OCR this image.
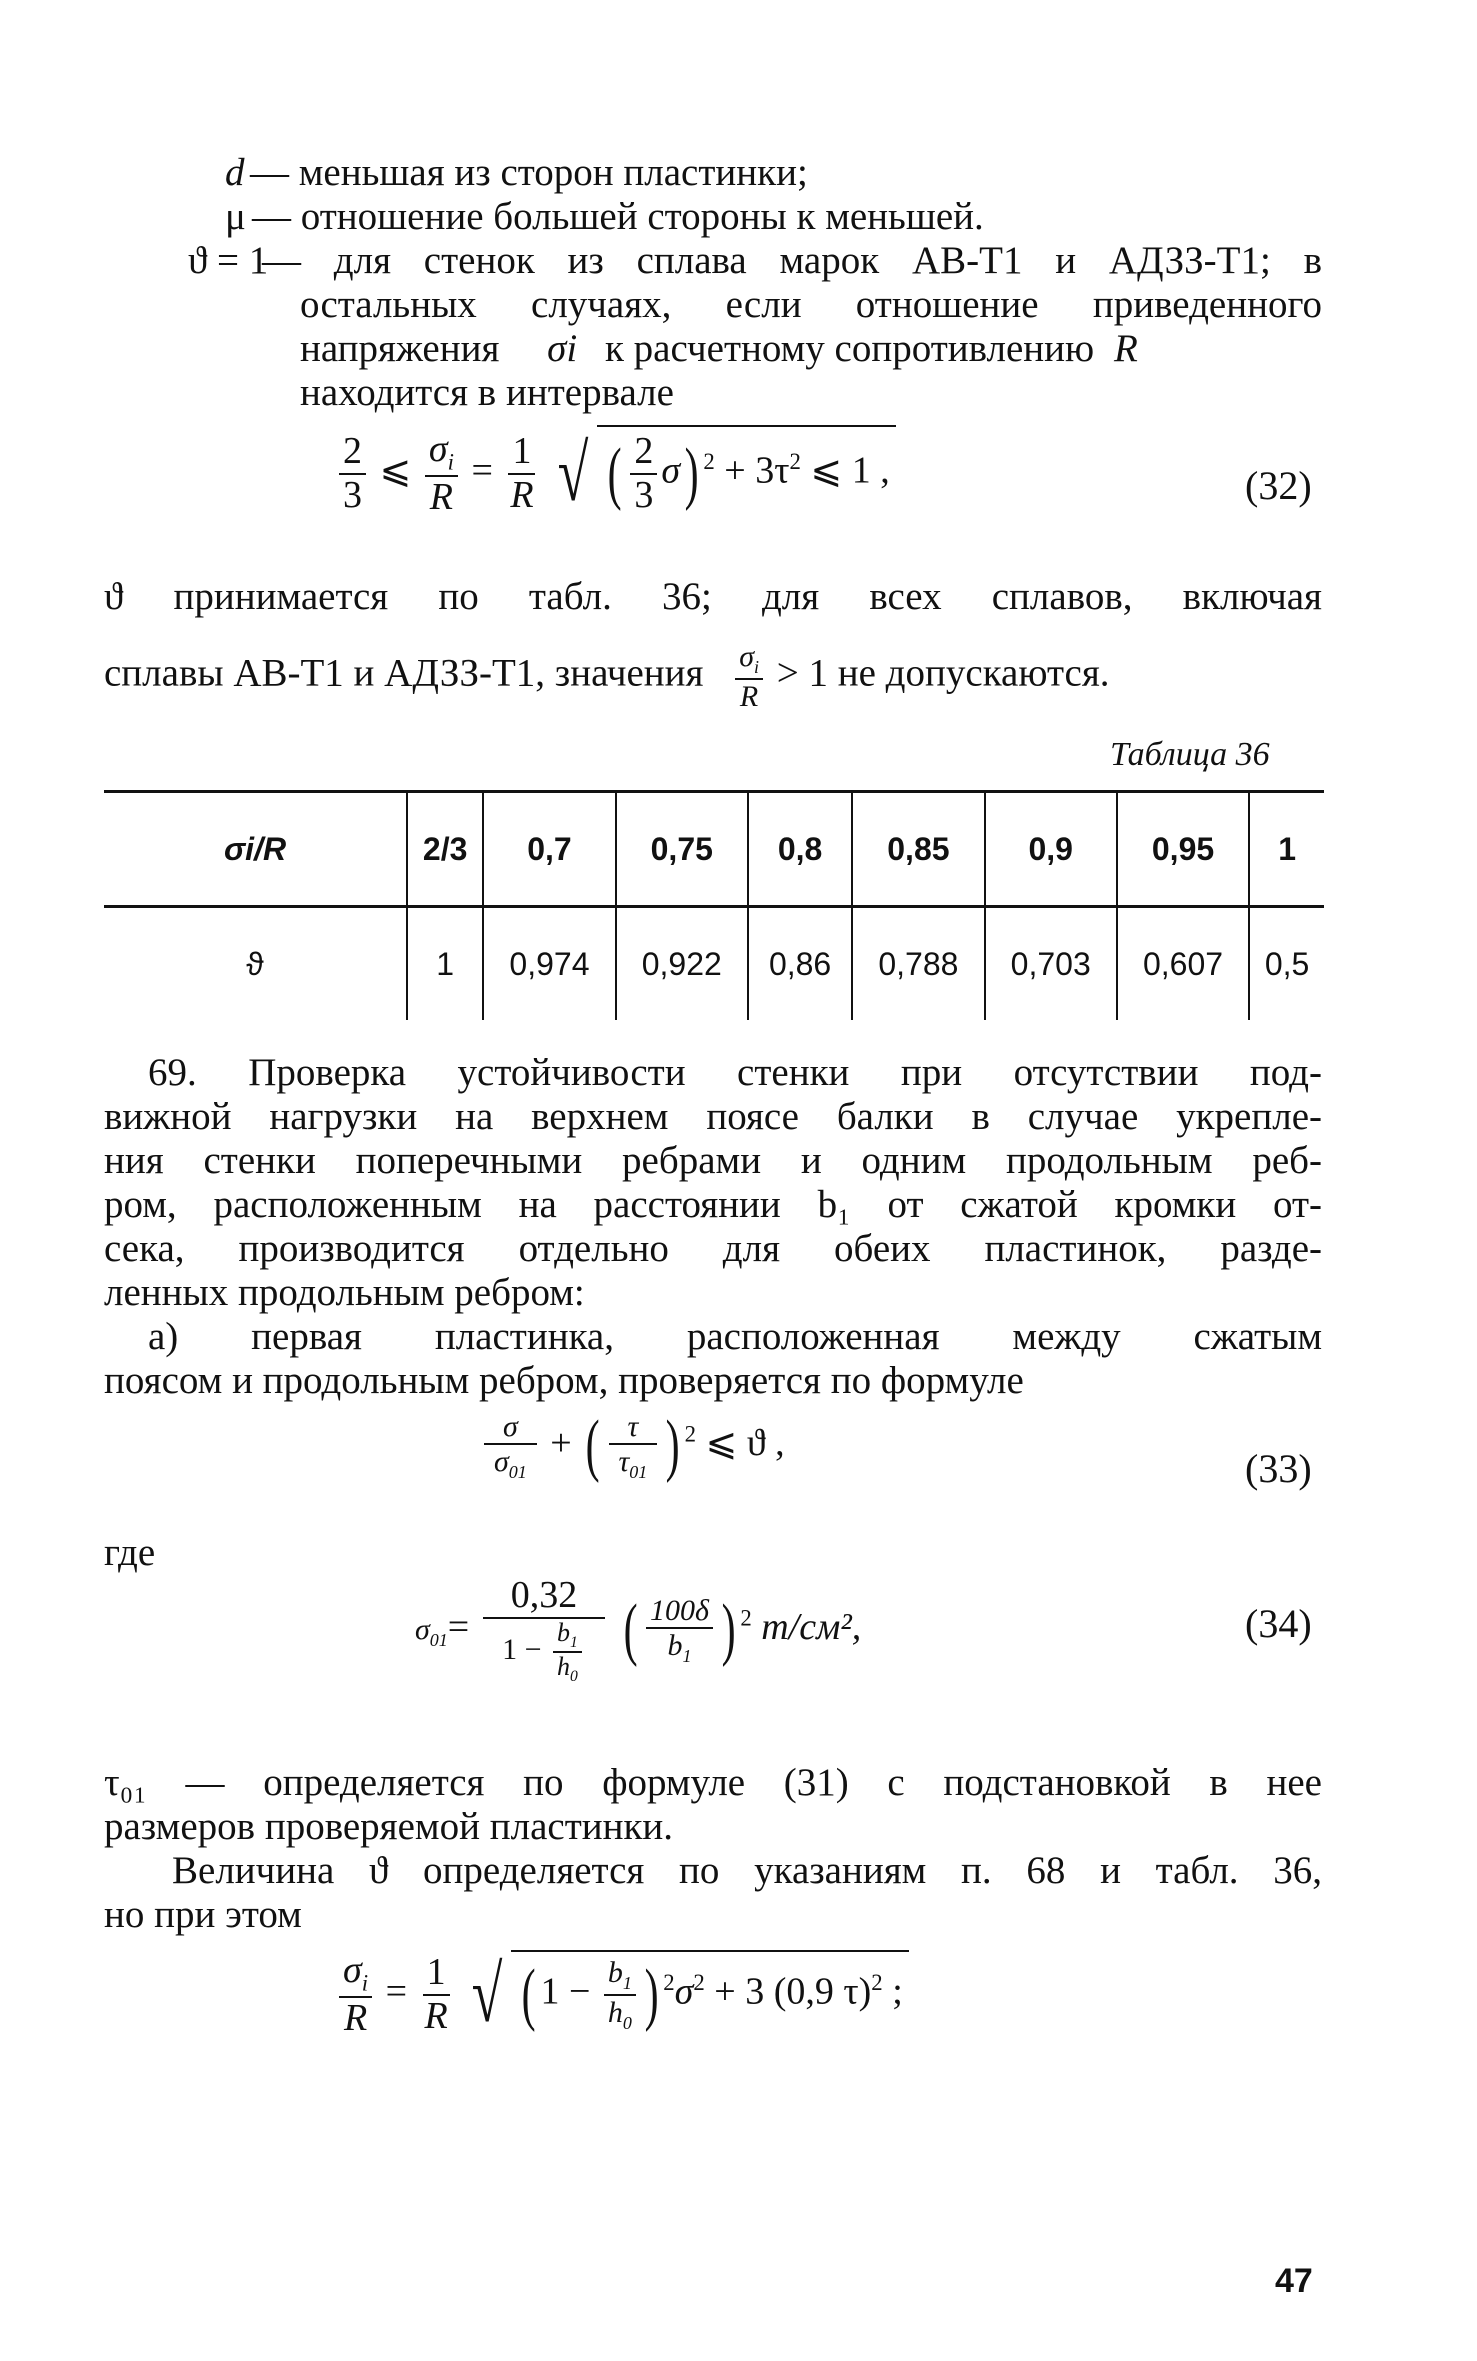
d — меньшая из сторон пластинки;
μ — отношение большей стороны к меньшей.
ϑ = 1
— для стенок из сплава марок АВ-Т1 и АДЗЗ-Т1; в
остальных случаях, если отношение приведенного
напряжения σi к расчетному сопротивлению R
находится в интервале
$\frac{2}{3}$ ⩽ $\frac{\sigma_i}{R} = \frac{1}{R}$ √ ( $\frac{2}{3} \sigma$) $^2 + 3\tau^2$ ⩽ 1 ,	(32)
ϑ принимается по табл. 36; для всех сплавов, включая
сплавы АВ-Т1 и АДЗЗ-Т1, значения $\frac{\sigma_i}{R} > 1$ не допускаются.
Таблица 36
σi/R	2/3	0,7	0,75	0,8	0,85	0,9	0,95	1
ϑ	1	0,974	0,922	0,86	0,788	0,703	0,607	0,5
69. Проверка устойчивости стенки при отсутствии под-
вижной нагрузки на верхнем поясе балки в случае укрепле-
ния стенки поперечными ребрами и одним продольным реб-
ром, расположенным на расстоянии b₁ от сжатой кромки от-
сека, производится отдельно для обеих пластинок, разде-
ленных продольным ребром:
а) первая пластинка, расположенная между сжатым
поясом и продольным ребром, проверяется по формуле
$\frac{\sigma}{\sigma_{01}}$ + ( $\frac{\tau}{\tau_{01}}$ ) $^2$ ⩽ ϑ ,
(33)
где
$\sigma_{01}= \frac{0,32}{1 - \frac{b_1}{h_0}}$ ( $\frac{100\delta}{b_1}$ ) $^2$ т/см²,	(34)
τ₀₁ — определяется по формуле (31) с подстановкой в нее
размеров проверяемой пластинки.
Величина ϑ определяется по указаниям п. 68 и табл. 36,
но при этом
$\frac{\sigma_i}{R} = \frac{1}{R}$ √ ( $1 - \frac{b_1}{h_0}$ ) $^2\sigma^2 + 3$ (0,9 τ)$^2$ ;
47
